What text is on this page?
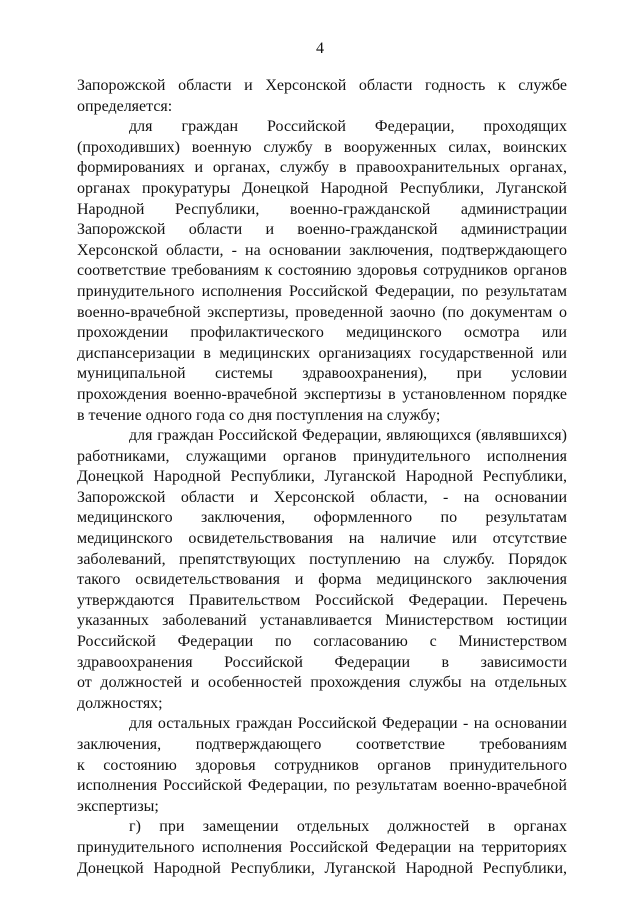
4
Запорожской области и Херсонской области годность к службе
определяется:
для граждан Российской Федерации, проходящих
(проходивших) военную службу в вооруженных силах, воинских
формированиях и органах, службу в правоохранительных органах,
органах прокуратуры Донецкой Народной Республики, Луганской
Народной Республики, военно-гражданской администрации
Запорожской области и военно-гражданской администрации
Херсонской области, - на основании заключения, подтверждающего
соответствие требованиям к состоянию здоровья сотрудников органов
принудительного исполнения Российской Федерации, по результатам
военно-врачебной экспертизы, проведенной заочно (по документам о
прохождении профилактического медицинского осмотра или
диспансеризации в медицинских организациях государственной или
муниципальной системы здравоохранения), при условии
прохождения военно-врачебной экспертизы в установленном порядке
в течение одного года со дня поступления на службу;
для граждан Российской Федерации, являющихся (являвшихся)
работниками, служащими органов принудительного исполнения
Донецкой Народной Республики, Луганской Народной Республики,
Запорожской области и Херсонской области, - на основании
медицинского заключения, оформленного по результатам
медицинского освидетельствования на наличие или отсутствие
заболеваний, препятствующих поступлению на службу. Порядок
такого освидетельствования и форма медицинского заключения
утверждаются Правительством Российской Федерации. Перечень
указанных заболеваний устанавливается Министерством юстиции
Российской Федерации по согласованию с Министерством
здравоохранения Российской Федерации в зависимости
от должностей и особенностей прохождения службы на отдельных
должностях;
для остальных граждан Российской Федерации - на основании
заключения, подтверждающего соответствие требованиям
к состоянию здоровья сотрудников органов принудительного
исполнения Российской Федерации, по результатам военно-врачебной
экспертизы;
г) при замещении отдельных должностей в органах
принудительного исполнения Российской Федерации на территориях
Донецкой Народной Республики, Луганской Народной Республики,
